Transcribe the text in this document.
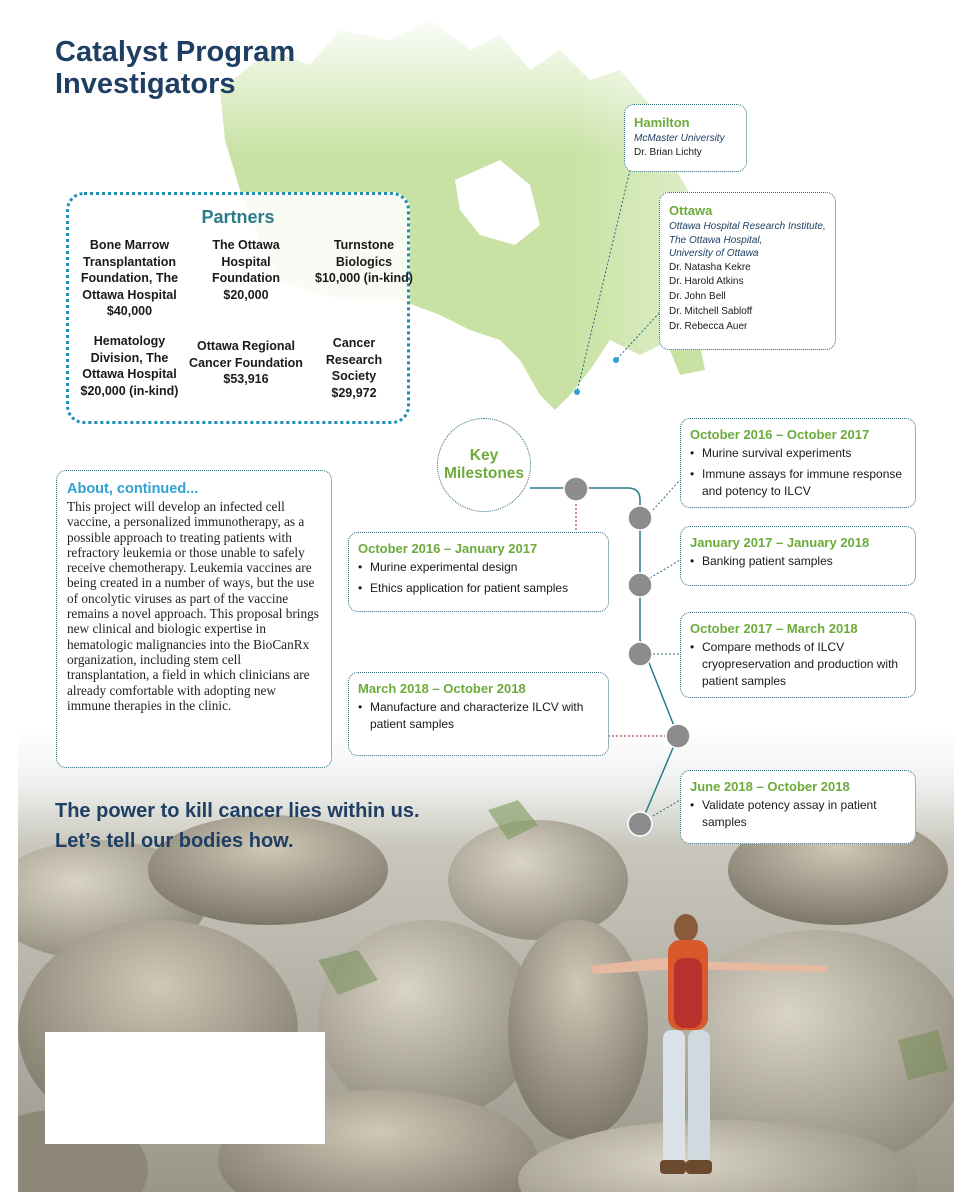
Catalyst Program
Investigators
Partners
Bone Marrow Transplantation Foundation, The Ottawa Hospital
$40,000
The Ottawa Hospital Foundation
$20,000
Turnstone Biologics
$10,000 (in-kind)
Hematology Division, The Ottawa Hospital
$20,000 (in-kind)
Ottawa Regional Cancer Foundation
$53,916
Cancer Research Society
$29,972
Hamilton
McMaster University
Dr. Brian Lichty
Ottawa
Ottawa Hospital Research Institute,
The Ottawa Hospital,
University of Ottawa
Dr. Natasha Kekre
Dr. Harold Atkins
Dr. John Bell
Dr. Mitchell Sabloff
Dr. Rebecca Auer
The power to kill cancer lies within us.
Let’s tell our bodies how.
About, continued...
This project will develop an infected cell vaccine, a personalized immunotherapy, as a possible approach to treating patients with refractory leukemia or those unable to safely receive chemotherapy. Leukemia vaccines are being created in a number of ways, but the use of oncolytic viruses as part of the vaccine remains a novel approach. This proposal brings new clinical and biologic expertise in hematologic malignancies into the BioCanRx organization, including stem cell transplantation, a field in which clinicians are already comfortable with adopting new immune therapies in the clinic.
Key
Milestones
October 2016 – October 2017
• Murine survival experiments
• Immune assays for immune response and potency to ILCV
October 2016 – January 2017
• Murine experimental design
• Ethics application for patient samples
January 2017 – January 2018
• Banking patient samples
October 2017 – March 2018
• Compare methods of ILCV cryopreservation and production with patient samples
March 2018 – October 2018
• Manufacture and characterize ILCV with patient samples
June 2018 – October 2018
• Validate potency assay in patient samples
